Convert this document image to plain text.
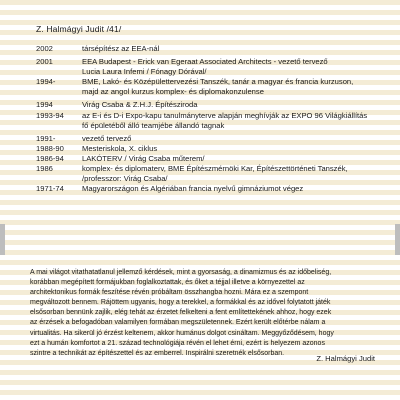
Z. Halmágyi Judit /41/
2002	társépítész az EEA-nál
2001	EEA Budapest - Erick van Egeraat Associated Architects - vezető tervező
Lucia Laura Infemi / Fónagy Dórával/
1994-	BME, Lakó- és Középülettervezési Tanszék, tanár a magyar és francia kurzuson,
majd az angol kurzus komplex- és diplomakonzulense
1994	Virág Csaba & Z.H.J. Építésziroda
1993-94	az E-i és D-i Expo-kapu tanulmányterve alapján meghívják az EXPO 96 Világkiállítás
fő épületéből álló teamjébe állandó tagnak
1991-	vezető tervező
1988-90	Mesteriskola, X. ciklus
1986-94	LAKÓTERV / Virág Csaba műterem/
1986	komplex- és diplomaterv, BME Építészmérnöki Kar, Építészettörténeti Tanszék,
/professzor: Virág Csaba/
1971-74	Magyarországon és Algériában francia nyelvű gimnáziumot végez
A mai világot vitathatatlanul jellemző kérdések, mint a gyorsaság, a dinamizmus és az időbeliség,
korábban megépített formájukban foglalkoztattak, és őket a téjjal illetve a környezettel az
architektonikus formák feszítése révén próbáltam összhangba hozni. Mára ez a szempont
megváltozott bennem. Rájöttem ugyanis, hogy a terekkel, a formákkal és az idővel folytatott játék
elsősorban bennünk zajlik, elég tehát az érzetet felkelteni a fent említettekének ahhoz, hogy ezek
az érzések a befogadóban valamilyen formában megszületennek. Ezért került előtérbe nálam a
virtualitás. Ha sikerül jó érzést keltenem, akkor humánus dolgot csináltam. Meggyőződésem, hogy
ezt a humán komfortot a 21. század technológiája révén el lehet érni, ezért is helyezem azonos
szintre a technikát az építészettel és az emberrel. Inspirálni szeretnék elsősorban.
Z. Halmágyi Judit
